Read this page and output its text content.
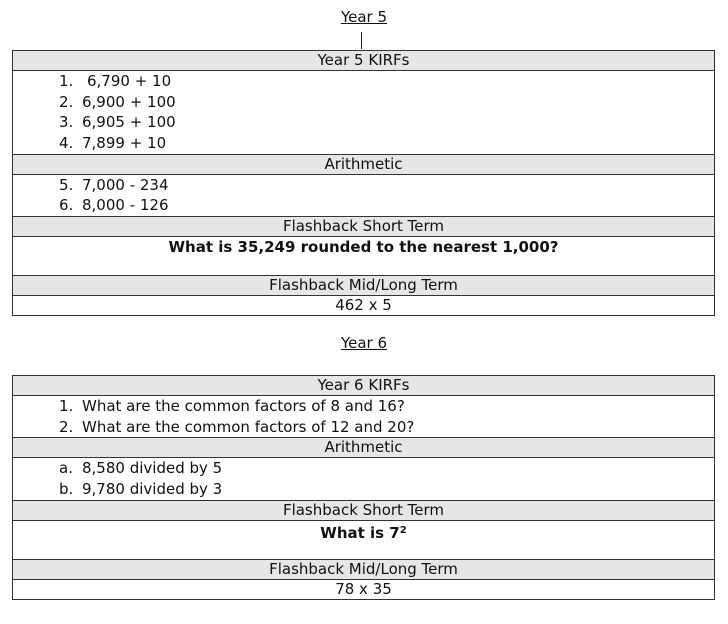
Year 5
Year 5 KIRFs

1. 6,790 + 10
2. 6,900 + 100
3. 6,905 + 100
4. 7,899 + 10

Arithmetic

5. 7,000 - 234
6. 8,000 - 126

Flashback Short Term
What is 35,249 rounded to the nearest 1,000?
Flashback Mid/Long Term
462 x 5
Year 6
Year 6 KIRFs

1. What are the common factors of 8 and 16?
2. What are the common factors of 12 and 20?

Arithmetic

a. 8,580 divided by 5
b. 9,780 divided by 3

Flashback Short Term
What is $7^2$
Flashback Mid/Long Term
78 x 35
